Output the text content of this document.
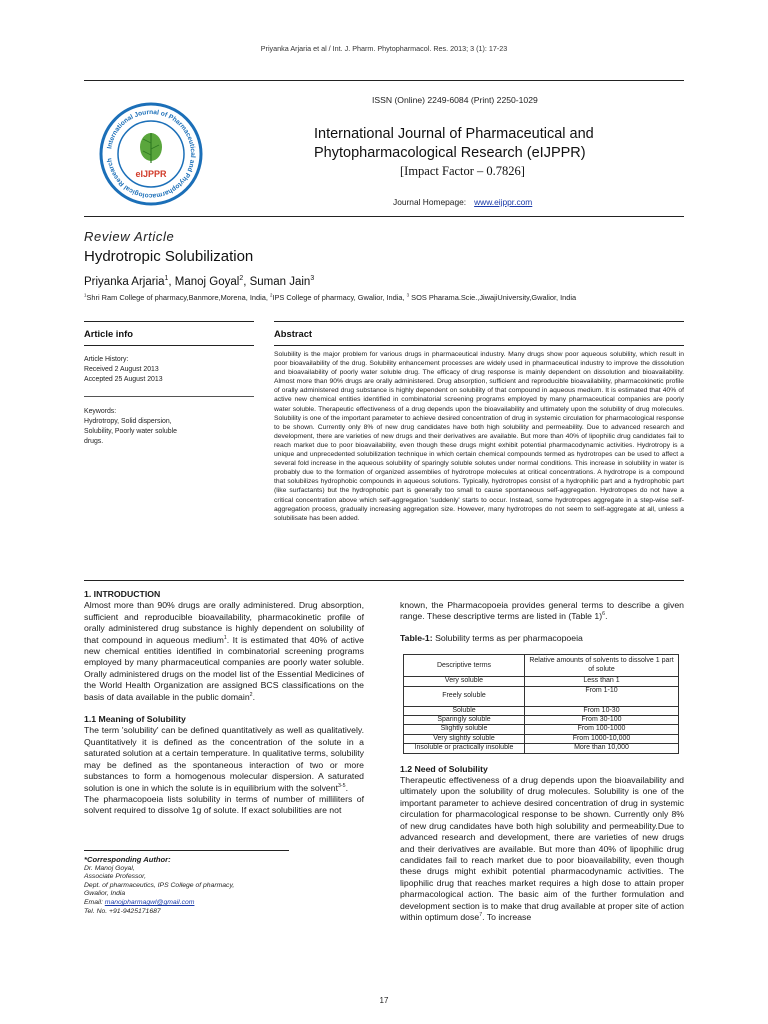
Priyanka Arjaria et al / Int. J. Pharm. Phytopharmacol. Res. 2013; 3 (1): 17-23
International Journal of Pharmaceutical and Phytopharmacological Research
eIJPPR
ISSN (Online) 2249-6084 (Print) 2250-1029
International Journal of Pharmaceutical and
Phytopharmacological Research (eIJPPR)
[Impact Factor – 0.7826]
Journal Homepage: www.eijppr.com
Review Article
Hydrotropic Solubilization
Priyanka Arjaria$^1$, Manoj Goyal$^2$, Suman Jain$^3$
$^1$Shri Ram College of pharmacy,Banmore,Morena, India, $^2$IPS College of pharmacy, Gwalior, India, $^3$ SOS Pharama.Scie.,JiwajiUniversity,Gwalior, India
Article info	Abstract
Article History:
Received 2 August 2013
Accepted 25 August 2013
Keywords:
Hydrotropy, Solid dispersion,
Solubility, Poorly water soluble
drugs.
Solubility is the major problem for various drugs in pharmaceutical industry. Many drugs show poor aqueous solubility, which result in poor bioavailability of the drug. Solubility enhancement processes are widely used in pharmaceutical industry to improve the dissolution and bioavailability of poorly water soluble drug. The efficacy of drug response is mainly dependent on dissolution and bioavailability. Almost more than 90% drugs are orally administered. Drug absorption, sufficient and reproducible bioavailability, pharmacokinetic profile of orally administered drug substance is highly dependent on solubility of that compound in aqueous medium. It is estimated that 40% of active new chemical entities identified in combinatorial screening programs employed by many pharmaceutical companies are poorly water soluble. Therapeutic effectiveness of a drug depends upon the bioavailability and ultimately upon the solubility of drug molecules. Solubility is one of the important parameter to achieve desired concentration of drug in systemic circulation for pharmacological response to be shown. Currently only 8% of new drug candidates have both high solubility and permeability. Due to advanced research and development, there are varieties of new drugs and their derivatives are available. But more than 40% of lipophilic drug candidates fail to reach market due to poor bioavailability, even though these drugs might exhibit potential pharmacodynamic activities. Hydrotropy is a unique and unprecedented solubilization technique in which certain chemical compounds termed as hydrotropes can be used to affect a several fold increase in the aqueous solubility of sparingly soluble solutes under normal conditions. This increase in solubility in water is probably due to the formation of organized assemblies of hydrotrope molecules at critical concentrations. A hydrotrope is a compound that solubilizes hydrophobic compounds in aqueous solutions. Typically, hydrotropes consist of a hydrophilic part and a hydrophobic part (like surfactants) but the hydrophobic part is generally too small to cause spontaneous self-aggregation. Hydrotropes do not have a critical concentration above which self-aggregation 'suddenly' starts to occur. Instead, some hydrotropes aggregate in a step-wise self-aggregation process, gradually increasing aggregation size. However, many hydrotropes do not seem to self-aggregate at all, unless a solubilisate has been added.
1. INTRODUCTION

Almost more than 90% drugs are orally administered. Drug absorption, sufficient and reproducible bioavailability, pharmacokinetic profile of orally administered drug substance is highly dependent on solubility of that compound in aqueous medium$^1$. It is estimated that 40% of active new chemical entities identified in combinatorial screening programs employed by many pharmaceutical companies are poorly water soluble. Orally administered drugs on the model list of the Essential Medicines of the World Health Organization are assigned BCS classifications on the basis of data available in the public domain$^2$.

1.1 Meaning of Solubility

The term 'solubility' can be defined quantitatively as well as qualitatively. Quantitatively it is defined as the concentration of the solute in a saturated solution at a certain temperature. In qualitative terms, solubility may be defined as the spontaneous interaction of two or more substances to form a homogenous molecular dispersion. A saturated solution is one in which the solute is in equilibrium with the solvent$^{3-5}$.

The pharmacopoeia lists solubility in terms of number of milliliters of solvent required to dissolve 1g of solute. If exact solubilities are not

*Corresponding Author:
Dr. Manoj Goyal,
Associate Professor,
Dept. of pharmaceutics, IPS College of pharmacy,
Gwalior, India
Email: manojpharmagwl@gmail.com
Tel. No. +91-9425171687

known, the Pharmacopoeia provides general terms to describe a given range. These descriptive terms are listed in (Table 1)$^6$.

Table-1: Solubility terms as per pharmacopoeia
Descriptive terms	Relative amounts of solvents to dissolve 1 part of solute
Very soluble	Less than 1
Freely soluble	From 1-10
Soluble	From 10-30
Sparingly soluble	From 30-100
Slightly soluble	From 100-1000
Very slightly soluble	From 1000-10,000
Insoluble or practically insoluble	More than 10,000
1.2 Need of Solubility

Therapeutic effectiveness of a drug depends upon the bioavailability and ultimately upon the solubility of drug molecules. Solubility is one of the important parameter to achieve desired concentration of drug in systemic circulation for pharmacological response to be shown. Currently only 8% of new drug candidates have both high solubility and permeability.Due to advanced research and development, there are varieties of new drugs and their derivatives are available. But more than 40% of lipophilic drug candidates fail to reach market due to poor bioavailability, even though these drugs might exhibit potential pharmacodynamic activities. The lipophilic drug that reaches market requires a high dose to attain proper pharmacological action. The basic aim of the further formulation and development section is to make that drug available at proper site of action within optimum dose$^7$. To increase

17
